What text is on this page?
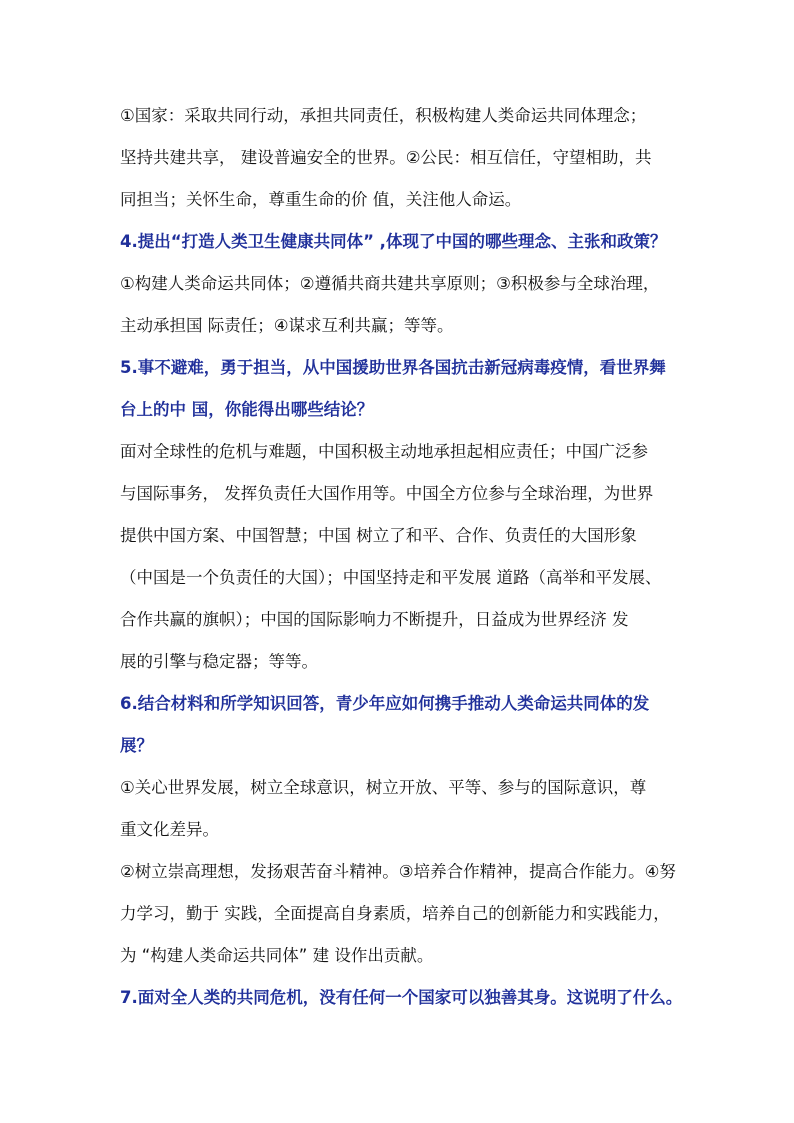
①国家：采取共同行动，承担共同责任，积极构建人类命运共同体理念；
坚持共建共享， 建设普遍安全的世界。②公民：相互信任，守望相助，共
同担当；关怀生命，尊重生命的价 值，关注他人命运。
4.提出“打造人类卫生健康共同体” ,体现了中国的哪些理念、主张和政策？
①构建人类命运共同体；②遵循共商共建共享原则；③积极参与全球治理，
主动承担国 际责任；④谋求互利共赢；等等。
5.事不避难，勇于担当，从中国援助世界各国抗击新冠病毒疫情，看世界舞
台上的中 国，你能得出哪些结论？
面对全球性的危机与难题，中国积极主动地承担起相应责任；中国广泛参
与国际事务， 发挥负责任大国作用等。中国全方位参与全球治理，为世界
提供中国方案、中国智慧；中国 树立了和平、合作、负责任的大国形象
（中国是一个负责任的大国）；中国坚持走和平发展 道路（高举和平发展、
合作共赢的旗帜）；中国的国际影响力不断提升，日益成为世界经济 发
展的引擎与稳定器；等等。
6.结合材料和所学知识回答，青少年应如何携手推动人类命运共同体的发
展？
①关心世界发展，树立全球意识，树立开放、平等、参与的国际意识，尊
重文化差异。
②树立崇高理想，发扬艰苦奋斗精神。③培养合作精神，提高合作能力。④努
力学习，勤于 实践，全面提高自身素质，培养自己的创新能力和实践能力，
为 “构建人类命运共同体” 建 设作出贡献。
7.面对全人类的共同危机，没有任何一个国家可以独善其身。这说明了什么。
